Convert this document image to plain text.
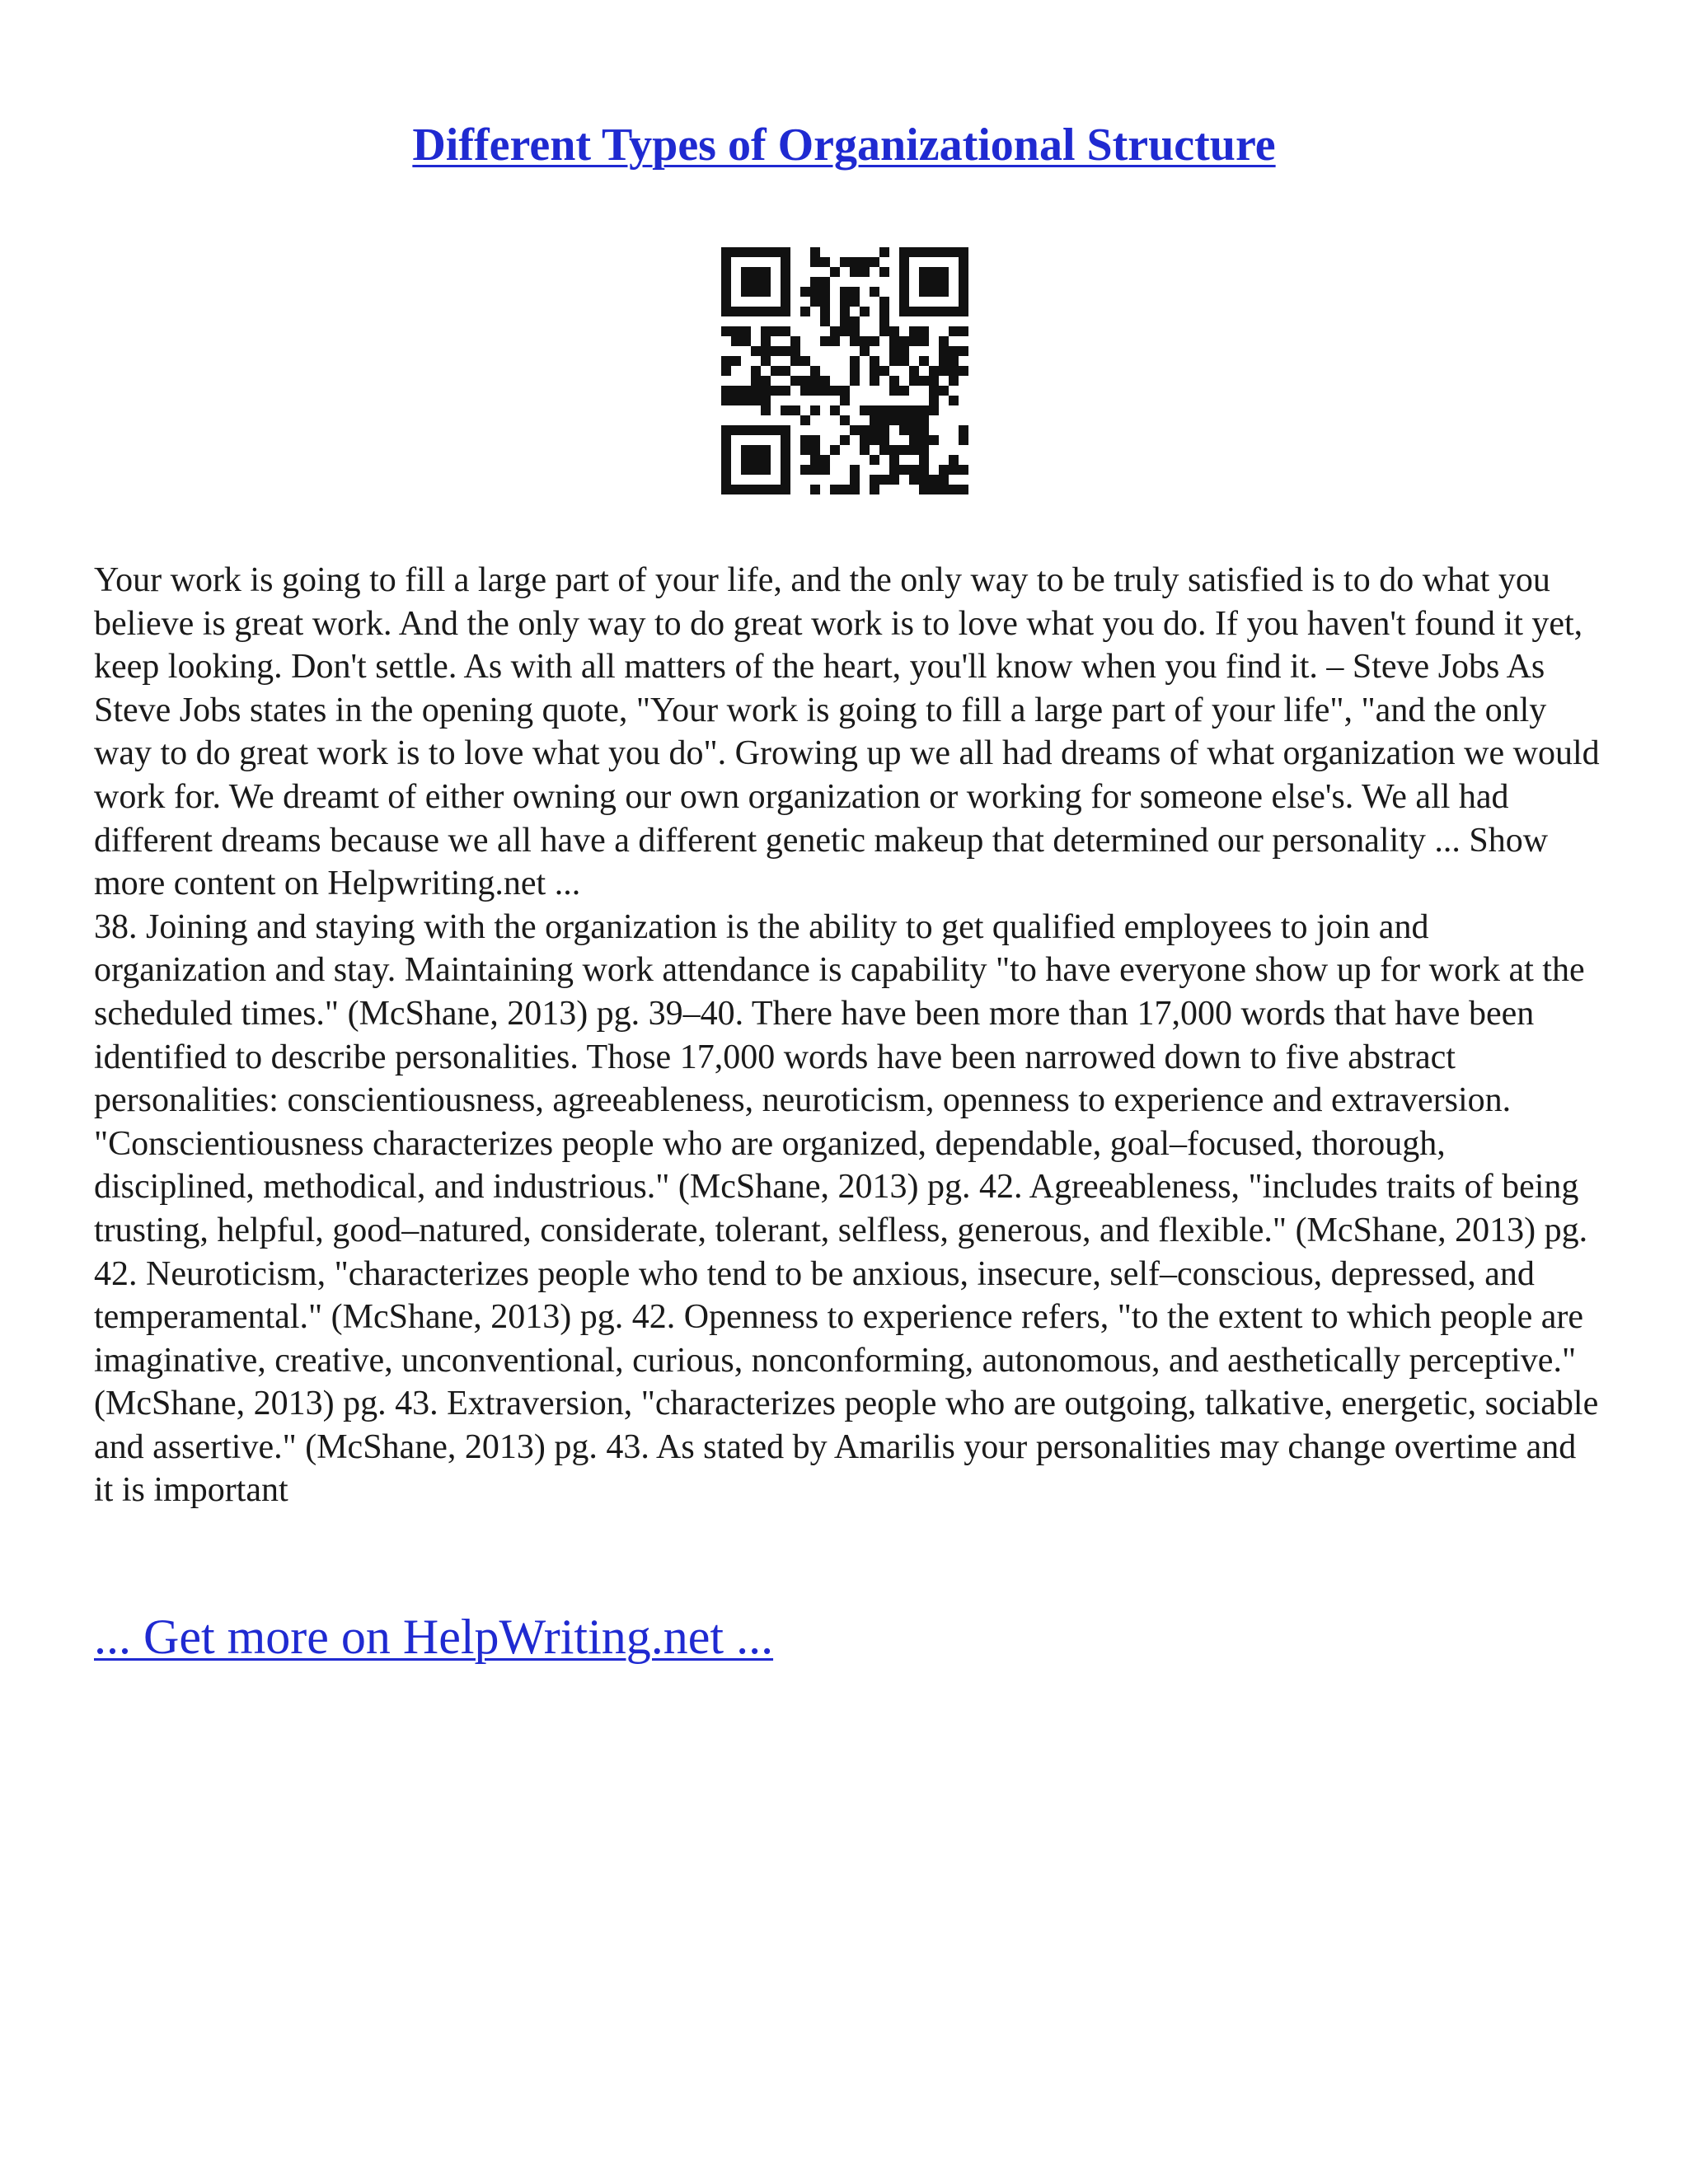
Different Types of Organizational Structure

Your work is going to fill a large part of your life, and the only way to be truly satisfied is to do what you believe is great work. And the only way to do great work is to love what you do. If you haven't found it yet, keep looking. Don't settle. As with all matters of the heart, you'll know when you find it. – Steve Jobs As Steve Jobs states in the opening quote, "Your work is going to fill a large part of your life", "and the only way to do great work is to love what you do". Growing up we all had dreams of what organization we would work for. We dreamt of either owning our own organization or working for someone else's. We all had different dreams because we all have a different genetic makeup that determined our personality ... Show more content on Helpwriting.net ...

38. Joining and staying with the organization is the ability to get qualified employees to join and organization and stay. Maintaining work attendance is capability "to have everyone show up for work at the scheduled times." (McShane, 2013) pg. 39–40. There have been more than 17,000 words that have been identified to describe personalities. Those 17,000 words have been narrowed down to five abstract personalities: conscientiousness, agreeableness, neuroticism, openness to experience and extraversion. "Conscientiousness characterizes people who are organized, dependable, goal–focused, thorough, disciplined, methodical, and industrious." (McShane, 2013) pg. 42. Agreeableness, "includes traits of being trusting, helpful, good–natured, considerate, tolerant, selfless, generous, and flexible." (McShane, 2013) pg. 42. Neuroticism, "characterizes people who tend to be anxious, insecure, self–conscious, depressed, and temperamental." (McShane, 2013) pg. 42. Openness to experience refers, "to the extent to which people are imaginative, creative, unconventional, curious, nonconforming, autonomous, and aesthetically perceptive." (McShane, 2013) pg. 43. Extraversion, "characterizes people who are outgoing, talkative, energetic, sociable and assertive." (McShane, 2013) pg. 43. As stated by Amarilis your personalities may change overtime and it is important

... Get more on HelpWriting.net ...
